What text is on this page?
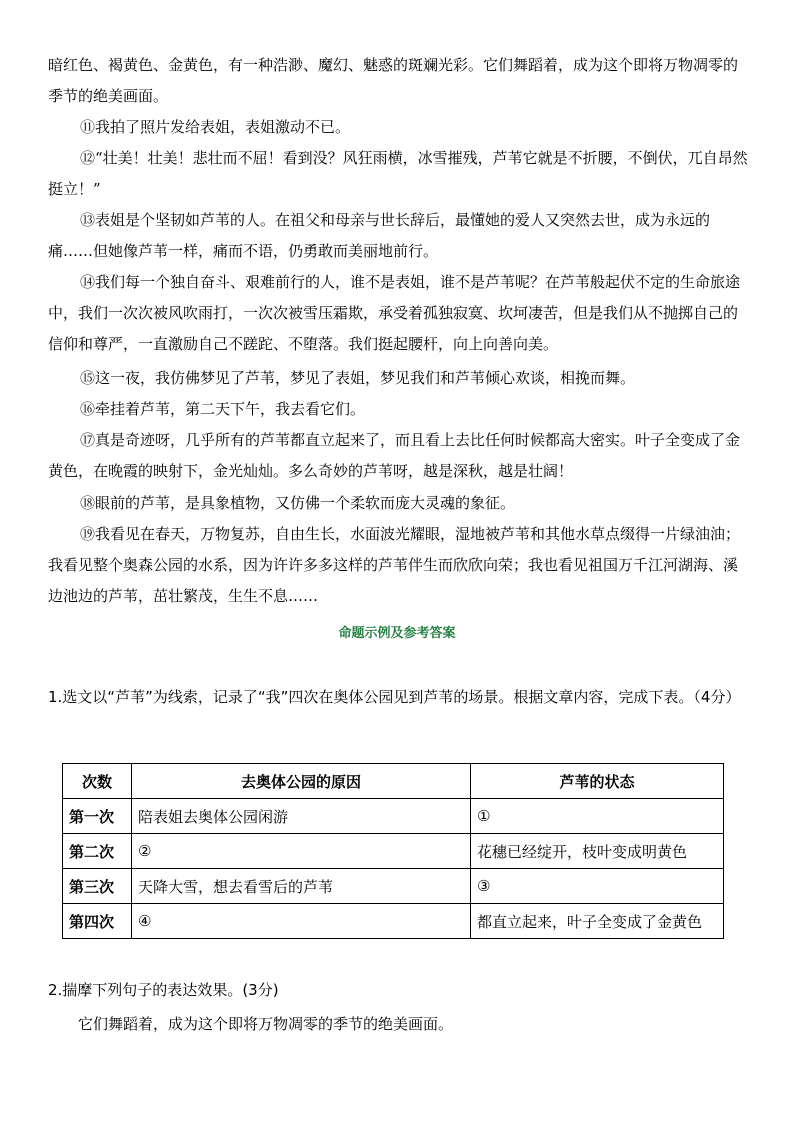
暗红色、褐黄色、金黄色，有一种浩渺、魔幻、魅惑的斑斓光彩。它们舞蹈着，成为这个即将万物凋零的季节的绝美画面。

⑪我拍了照片发给表姐，表姐激动不已。

⑫“壮美！壮美！悲壮而不屈！看到没？风狂雨横，冰雪摧残，芦苇它就是不折腰，不倒伏，兀自昂然挺立！”

⑬表姐是个坚韧如芦苇的人。在祖父和母亲与世长辞后，最懂她的爱人又突然去世，成为永远的痛……但她像芦苇一样，痛而不语，仍勇敢而美丽地前行。

⑭我们每一个独自奋斗、艰难前行的人，谁不是表姐，谁不是芦苇呢？在芦苇般起伏不定的生命旅途中，我们一次次被风吹雨打，一次次被雪压霜欺，承受着孤独寂寞、坎坷凄苦，但是我们从不抛掷自己的信仰和尊严，一直激励自己不蹉跎、不堕落。我们挺起腰杆，向上向善向美。

⑮这一夜，我仿佛梦见了芦苇，梦见了表姐，梦见我们和芦苇倾心欢谈，相挽而舞。

⑯牵挂着芦苇，第二天下午，我去看它们。

⑰真是奇迹呀，几乎所有的芦苇都直立起来了，而且看上去比任何时候都高大密实。叶子全变成了金黄色，在晚霞的映射下，金光灿灿。多么奇妙的芦苇呀，越是深秋，越是壮阔！

⑱眼前的芦苇，是具象植物，又仿佛一个柔软而庞大灵魂的象征。

⑲我看见在春天，万物复苏，自由生长，水面波光耀眼，湿地被芦苇和其他水草点缀得一片绿油油；我看见整个奥森公园的水系，因为许许多多这样的芦苇伴生而欣欣向荣；我也看见祖国万千江河湖海、溪边池边的芦苇，茁壮繁茂，生生不息……

命题示例及参考答案

1.选文以“芦苇”为线索，记录了“我”四次在奥体公园见到芦苇的场景。根据文章内容，完成下表。（4分）

次数	去奥体公园的原因	芦苇的状态
第一次	陪表姐去奥体公园闲游	①
第二次	②	花穗已经绽开，枝叶变成明黄色
第三次	天降大雪，想去看雪后的芦苇	③
第四次	④	都直立起来，叶子全变成了金黄色

2.揣摩下列句子的表达效果。(3分)

它们舞蹈着，成为这个即将万物凋零的季节的绝美画面。
